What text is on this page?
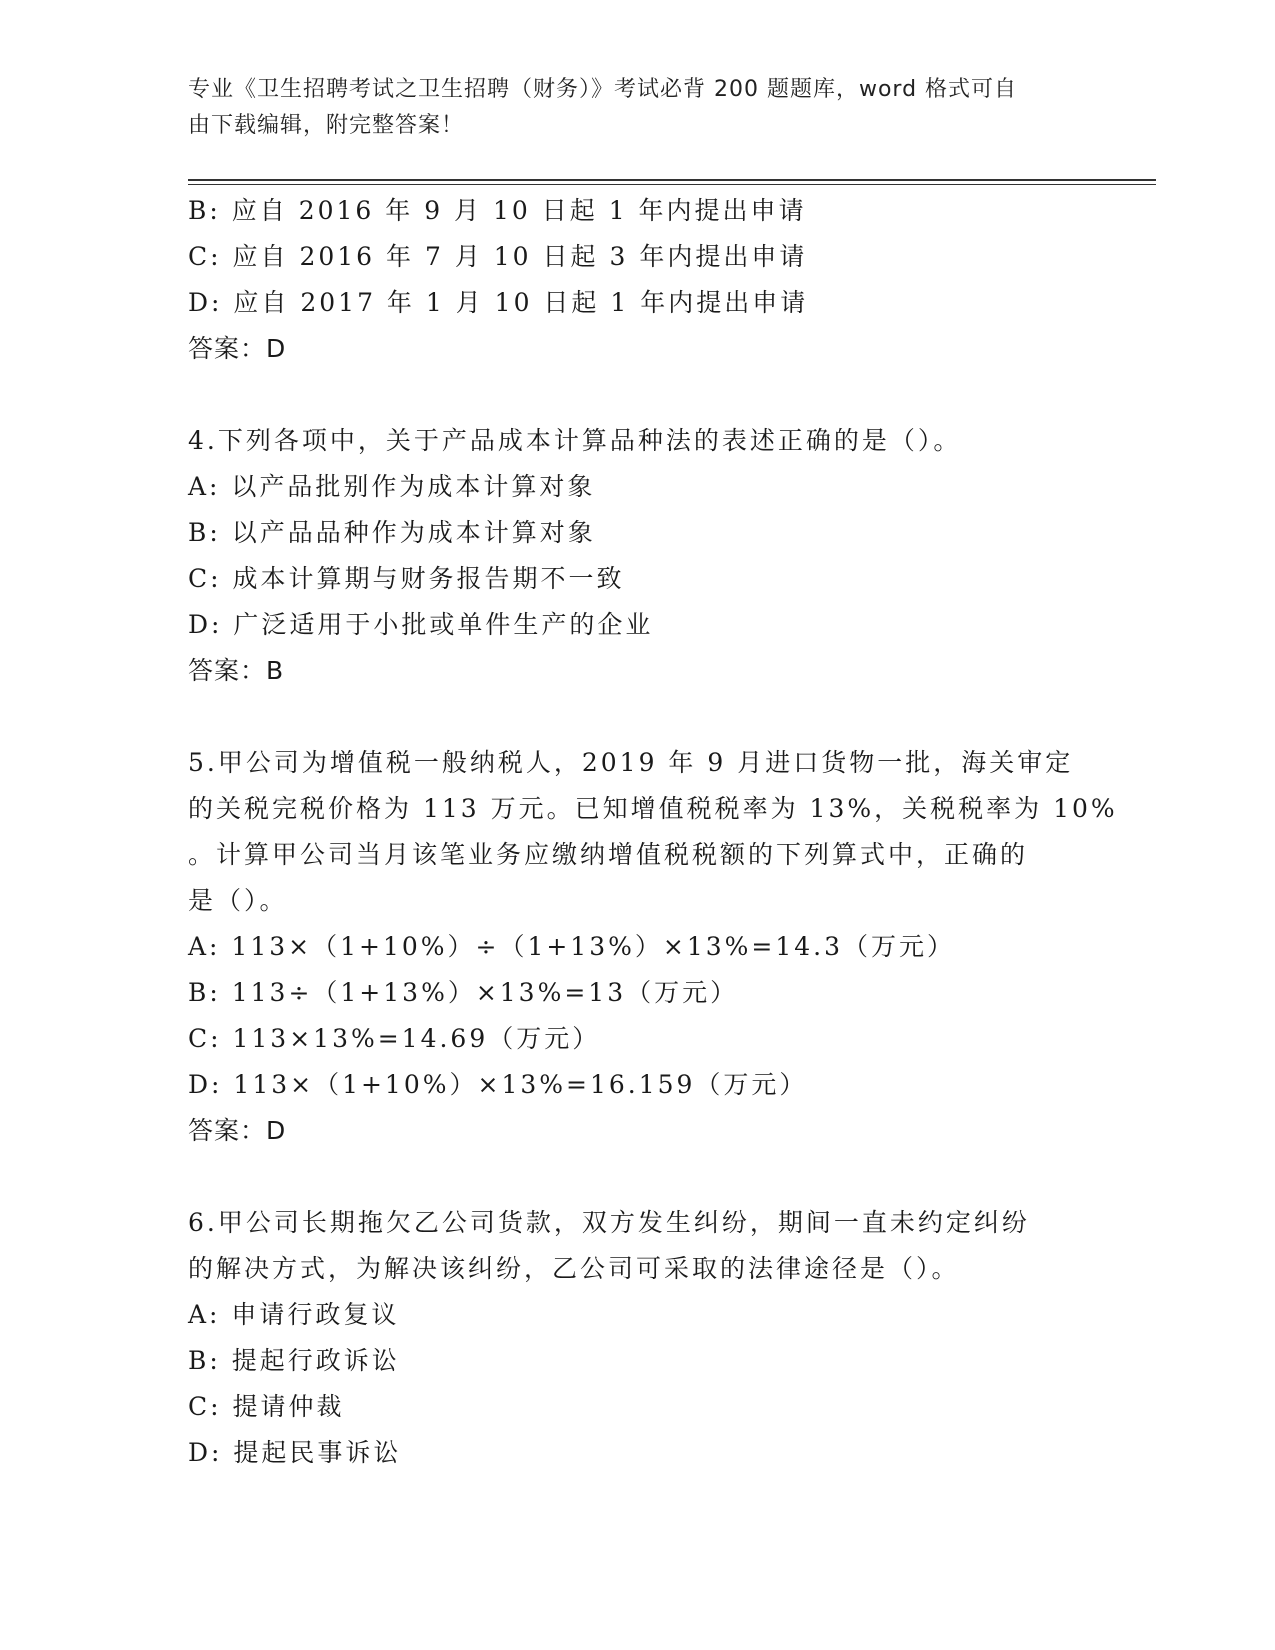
专业《卫生招聘考试之卫生招聘（财务）》考试必背 200 题题库，word 格式可自
由下载编辑，附完整答案！
B: 应自 2016 年 9 月 10 日起 1 年内提出申请
C: 应自 2016 年 7 月 10 日起 3 年内提出申请
D: 应自 2017 年 1 月 10 日起 1 年内提出申请
答案：D
4.下列各项中，关于产品成本计算品种法的表述正确的是（）。
A: 以产品批别作为成本计算对象
B: 以产品品种作为成本计算对象
C: 成本计算期与财务报告期不一致
D: 广泛适用于小批或单件生产的企业
答案：B
5.甲公司为增值税一般纳税人，2019 年 9 月进口货物一批，海关审定
的关税完税价格为 113 万元。已知增值税税率为 13%，关税税率为 10%
。计算甲公司当月该笔业务应缴纳增值税税额的下列算式中，正确的
是（）。
A: 113×（1+10%）÷（1+13%）×13%=14.3（万元）
B: 113÷（1+13%）×13%=13（万元）
C: 113×13%=14.69（万元）
D: 113×（1+10%）×13%=16.159（万元）
答案：D
6.甲公司长期拖欠乙公司货款，双方发生纠纷，期间一直未约定纠纷
的解决方式，为解决该纠纷，乙公司可采取的法律途径是（）。
A: 申请行政复议
B: 提起行政诉讼
C: 提请仲裁
D: 提起民事诉讼
